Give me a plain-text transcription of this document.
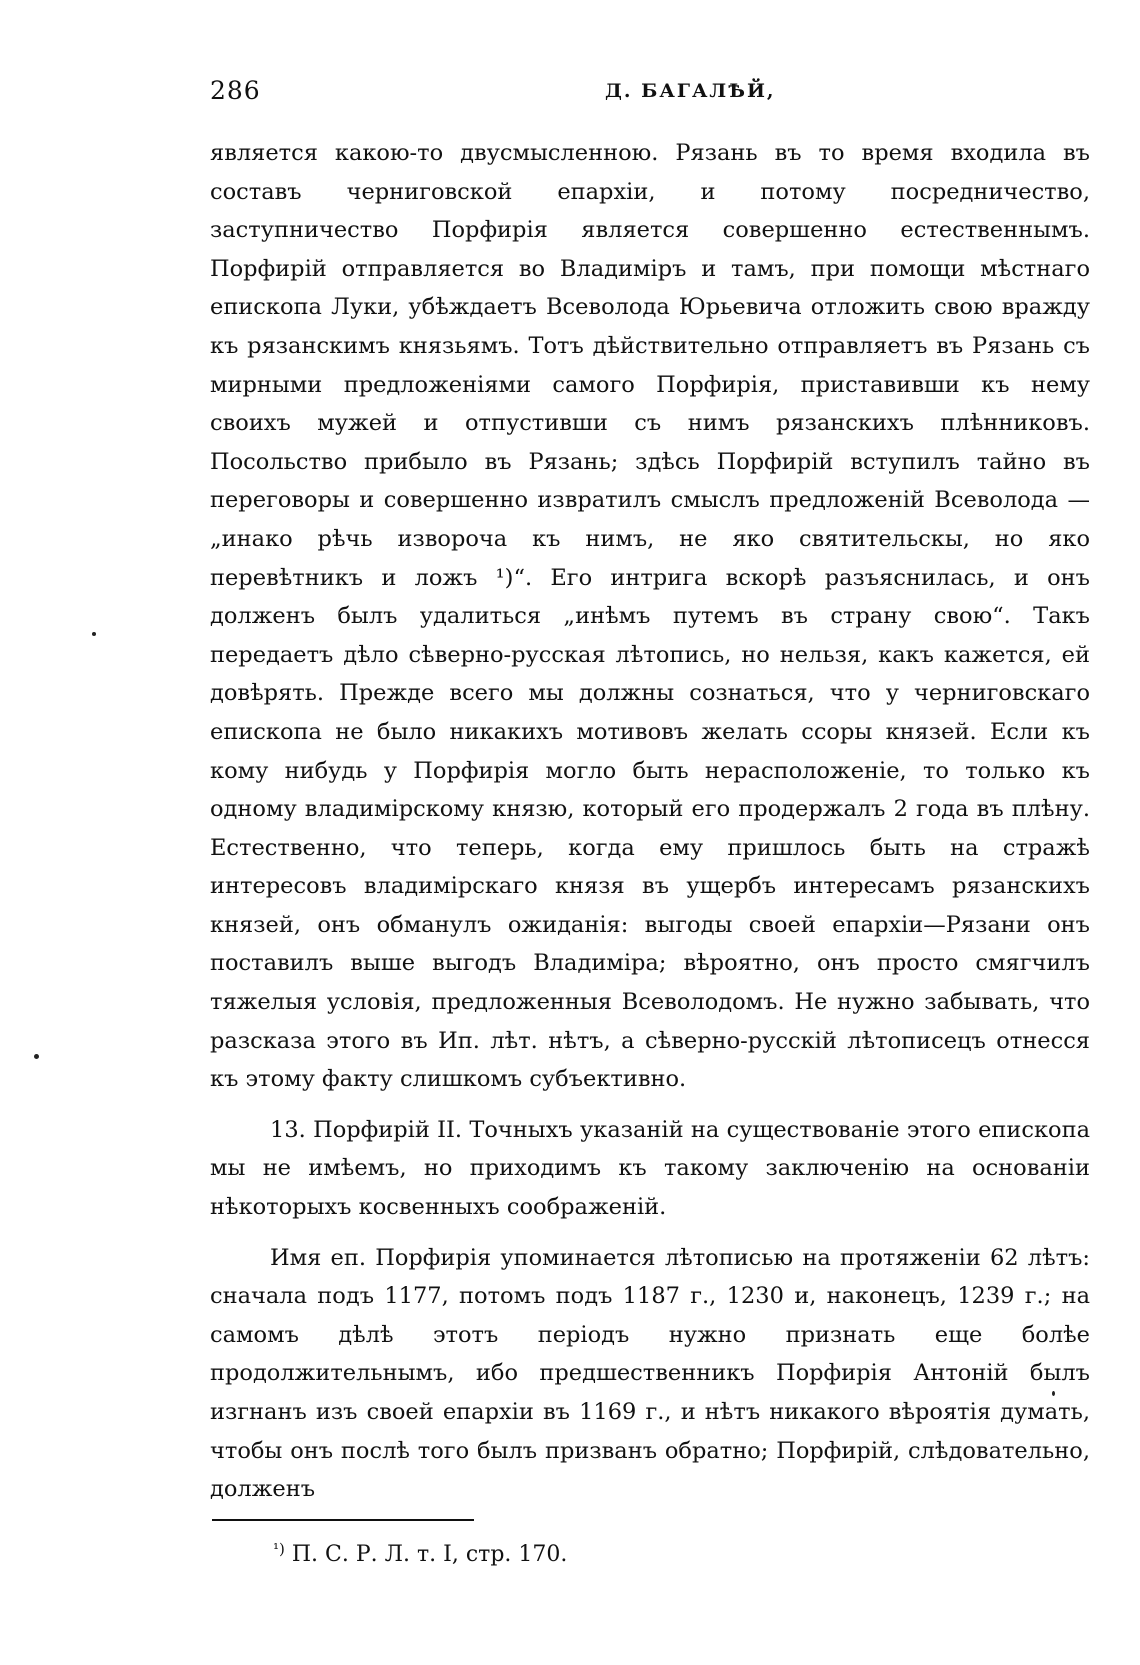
286	Д. БАГАЛѢЙ,

является какою-то двусмысленною. Рязань въ то время входила въ составъ черниговской епархіи, и потому посредничество, заступничество Порфирія является совершенно естественнымъ. Порфирій отправляется во Владиміръ и тамъ, при помощи мѣстнаго епископа Луки, убѣждаетъ Всеволода Юрьевича отложить свою вражду къ рязанскимъ князьямъ. Тотъ дѣйствительно отправляетъ въ Рязань съ мирными предложеніями самого Порфирія, приставивши къ нему своихъ мужей и отпустивши съ нимъ рязанскихъ плѣнниковъ. Посольство прибыло въ Рязань; здѣсь Порфирій вступилъ тайно въ переговоры и совершенно извратилъ смыслъ предложеній Всеволода — „инако рѣчь изворочa къ нимъ, не яко святительскы, но яко перевѣтникъ и ложъ ¹)“. Его интрига вскорѣ разъяснилась, и онъ долженъ былъ удалиться „инѣмъ путемъ въ страну свою“. Такъ передаетъ дѣло сѣверно-русская лѣтопись, но нельзя, какъ кажется, ей довѣрять. Прежде всего мы должны сознаться, что у черниговскаго епископа не было никакихъ мотивовъ желать ссоры князей. Если къ кому нибудь у Порфирія могло быть нерасположеніе, то только къ одному владимірскому князю, который его продержалъ 2 года въ плѣну. Естественно, что теперь, когда ему пришлось быть на стражѣ интересовъ владимірскаго князя въ ущербъ интересамъ рязанскихъ князей, онъ обманулъ ожиданія: выгоды своей епархіи—Рязани онъ поставилъ выше выгодъ Владиміра; вѣроятно, онъ просто смягчилъ тяжелыя условія, предложенныя Всеволодомъ. Не нужно забывать, что разсказа этого въ Ип. лѣт. нѣтъ, а сѣверно-русскій лѣтописецъ отнесся къ этому факту слишкомъ субъективно.

13. Порфирій II. Точныхъ указаній на существованіе этого епископа мы не имѣемъ, но приходимъ къ такому заключенію на основаніи нѣкоторыхъ косвенныхъ соображеній.

Имя еп. Порфирія упоминается лѣтописью на протяженіи 62 лѣтъ: сначала подъ 1177, потомъ подъ 1187 г., 1230 и, наконецъ, 1239 г.; на самомъ дѣлѣ этотъ періодъ нужно признать еще болѣе продолжительнымъ, ибо предшественникъ Порфирія Антоній былъ изгнанъ изъ своей епархіи въ 1169 г., и нѣтъ никакого вѣроятія думать, чтобы онъ послѣ того былъ призванъ обратно; Порфирій, слѣдовательно, долженъ

$^{^1)}$ П. С. Р. Л. т. I, стр. 170.
